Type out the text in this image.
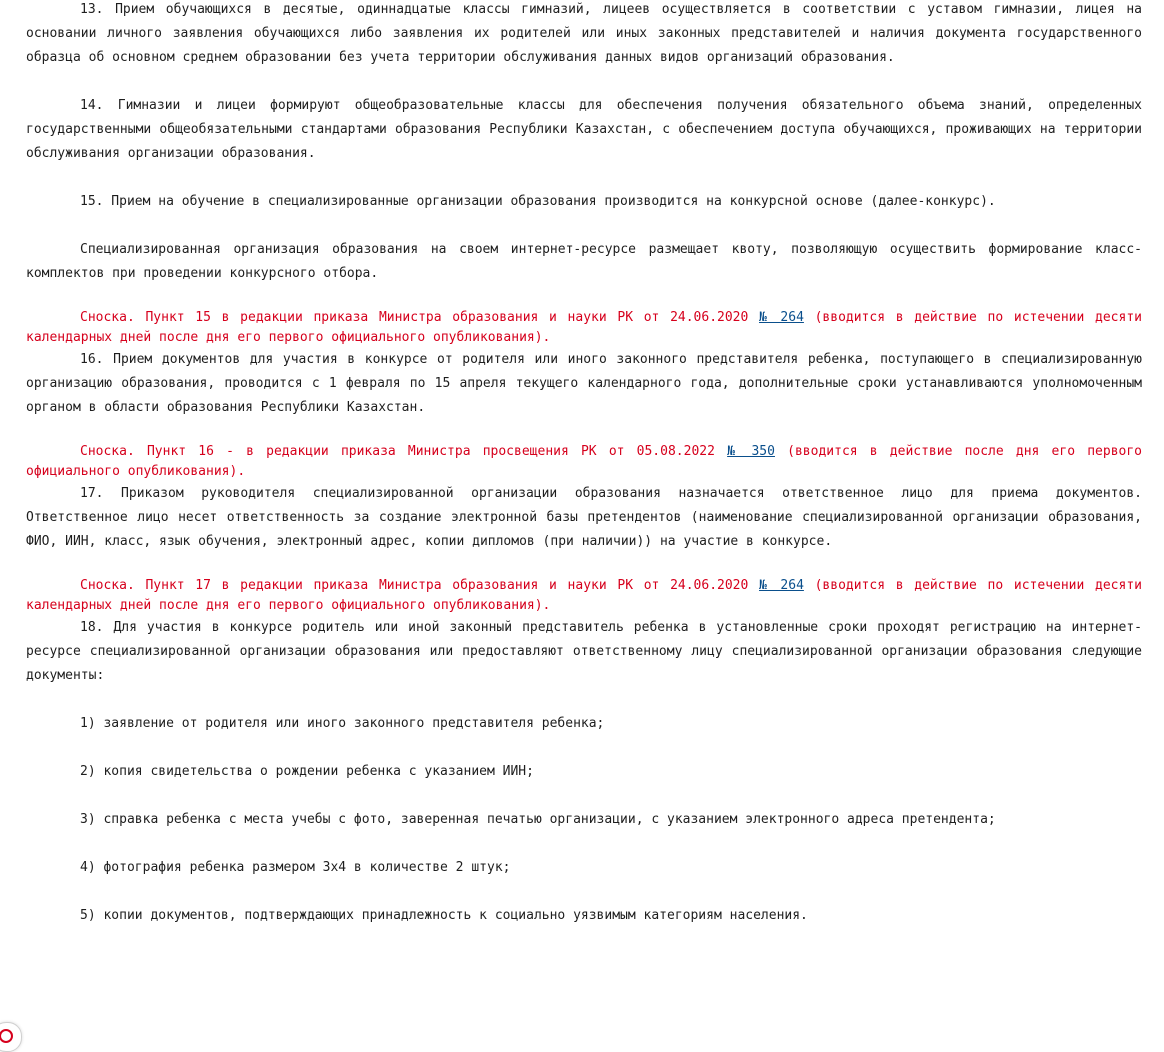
13. Прием обучающихся в десятые, одиннадцатые классы гимназий, лицеев осуществляется в соответствии с уставом гимназии, лицея на основании личного заявления обучающихся либо заявления их родителей или иных законных представителей и наличия документа государственного образца об основном среднем образовании без учета территории обслуживания данных видов организаций образования.

14. Гимназии и лицеи формируют общеобразовательные классы для обеспечения получения обязательного объема знаний, определенных государственными общеобязательными стандартами образования Республики Казахстан, с обеспечением доступа обучающихся, проживающих на территории обслуживания организации образования.

15. Прием на обучение в специализированные организации образования производится на конкурсной основе (далее-конкурс).

Специализированная организация образования на своем интернет-ресурсе размещает квоту, позволяющую осуществить формирование класс-комплектов при проведении конкурсного отбора.

Сноска. Пункт 15 в редакции приказа Министра образования и науки РК от 24.06.2020 № 264 (вводится в действие по истечении десяти календарных дней после дня его первого официального опубликования).

16. Прием документов для участия в конкурсе от родителя или иного законного представителя ребенка, поступающего в специализированную организацию образования, проводится с 1 февраля по 15 апреля текущего календарного года, дополнительные сроки устанавливаются уполномоченным органом в области образования Республики Казахстан.

Сноска. Пункт 16 - в редакции приказа Министра просвещения РК от 05.08.2022 № 350 (вводится в действие после дня его первого официального опубликования).

17. Приказом руководителя специализированной организации образования назначается ответственное лицо для приема документов. Ответственное лицо несет ответственность за создание электронной базы претендентов (наименование специализированной организации образования, ФИО, ИИН, класс, язык обучения, электронный адрес, копии дипломов (при наличии)) на участие в конкурсе.

Сноска. Пункт 17 в редакции приказа Министра образования и науки РК от 24.06.2020 № 264 (вводится в действие по истечении десяти календарных дней после дня его первого официального опубликования).

18. Для участия в конкурсе родитель или иной законный представитель ребенка в установленные сроки проходят регистрацию на интернет-ресурсе специализированной организации образования или предоставляют ответственному лицу специализированной организации образования следующие документы:

1) заявление от родителя или иного законного представителя ребенка;

2) копия свидетельства о рождении ребенка с указанием ИИН;

3) справка ребенка с места учебы с фото, заверенная печатью организации, с указанием электронного адреса претендента;

4) фотография ребенка размером 3х4 в количестве 2 штук;

5) копии документов, подтверждающих принадлежность к социально уязвимым категориям населения.
